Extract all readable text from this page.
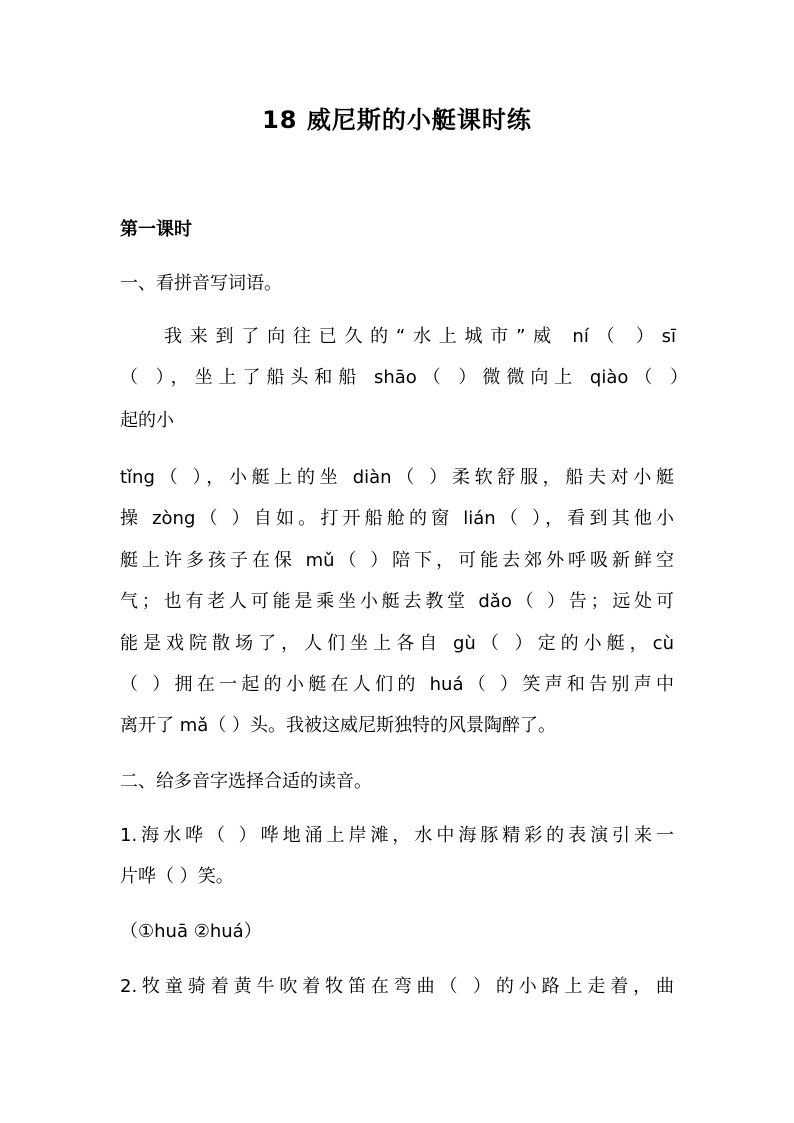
18 威尼斯的小艇课时练
第一课时
一、看拼音写词语。
我来到了向往已久的“水上城市”威 ní（ ）sī
（ ），坐上了船头和船 shāo（ ）微微向上 qiào（ ）
起的小
tǐng（ ），小艇上的坐 diàn（ ）柔软舒服，船夫对小艇
操 zòng（ ）自如。打开船舱的窗 lián（ ），看到其他小
艇上许多孩子在保 mǔ（ ）陪下，可能去郊外呼吸新鲜空
气；也有老人可能是乘坐小艇去教堂 dǎo（ ）告；远处可
能是戏院散场了，人们坐上各自 gù（ ）定的小艇，cù
（ ）拥在一起的小艇在人们的 huá（ ）笑声和告别声中
离开了 mǎ（ ）头。我被这威尼斯独特的风景陶醉了。
二、给多音字选择合适的读音。
1.海水哗（ ）哗地涌上岸滩，水中海豚精彩的表演引来一
片哗（ ）笑。
（①huā ②huá）
2.牧童骑着黄牛吹着牧笛在弯曲（ ）的小路上走着，曲
